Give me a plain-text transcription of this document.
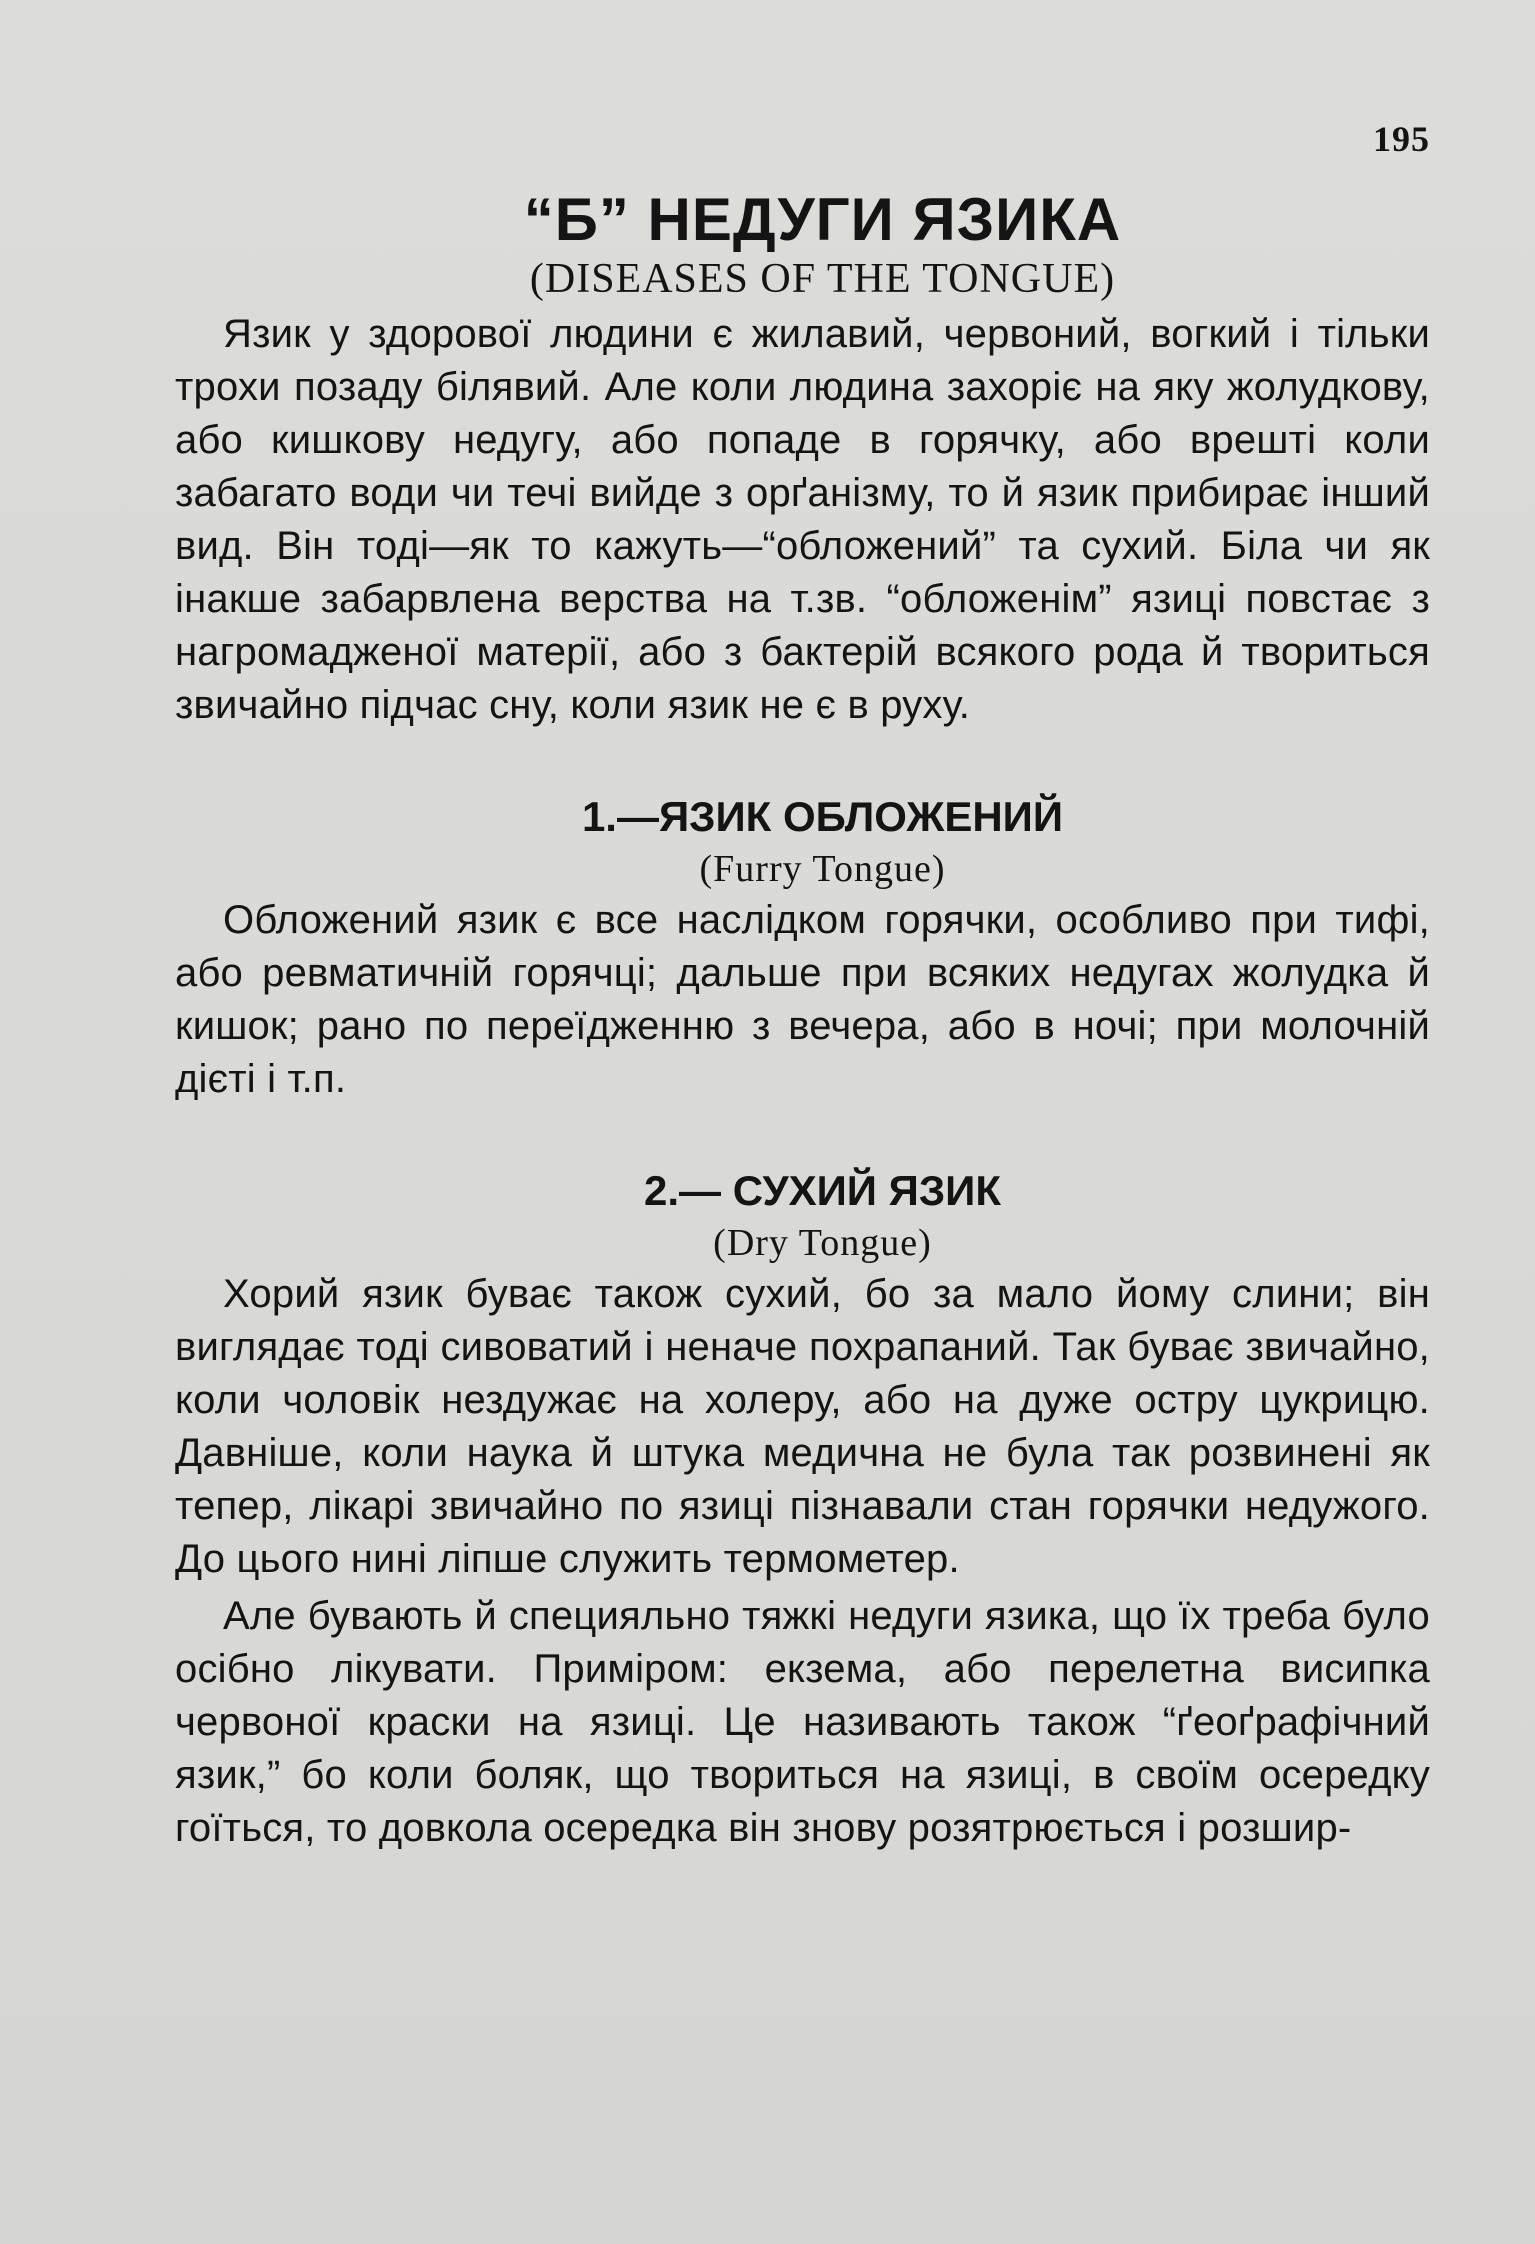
195
“Б” НЕДУГИ ЯЗИКА
(DISEASES OF THE TONGUE)

Язик у здорової людини є жилавий, червоний, вогкий і тільки трохи позаду білявий. Але коли людина захоріє на яку жолудкову, або кишкову недугу, або попаде в горячку, або врешті коли забагато води чи течі вийде з орґанізму, то й язик прибирає інший вид. Він тоді—як то кажуть—“обложений” та сухий. Біла чи як інакше забарвлена верства на т.зв. “обложенім” язиці повстає з нагромадженої матерії, або з бактерій всякого рода й твориться звичайно підчас сну, коли язик не є в руху.

1.—ЯЗИК ОБЛОЖЕНИЙ
(Furry Tongue)

Обложений язик є все наслідком горячки, особливо при тифі, або ревматичній горячці; дальше при всяких недугах жолудка й кишок; рано по переїдженню з вечера, або в ночі; при молочній дієті і т.п.

2.— СУХИЙ ЯЗИК
(Dry Tongue)

Хорий язик буває також сухий, бо за мало йому слини; він виглядає тоді сивоватий і неначе похрапаний. Так буває звичайно, коли чоловік нездужає на холеру, або на дуже остру цукрицю. Давніше, коли наука й штука медична не була так розвинені як тепер, лікарі звичайно по язиці пізнавали стан горячки недужого. До цього нині ліпше служить термометер.

Але бувають й специяльно тяжкі недуги язика, що їх треба було осібно лікувати. Приміром: екзема, або перелетна висипка червоної краски на язиці. Це називають також “ґеоґрафічний язик,” бо коли боляк, що твориться на язиці, в своїм осередку гоїться, то довкола осередка він знову розятрюється і розшир-
